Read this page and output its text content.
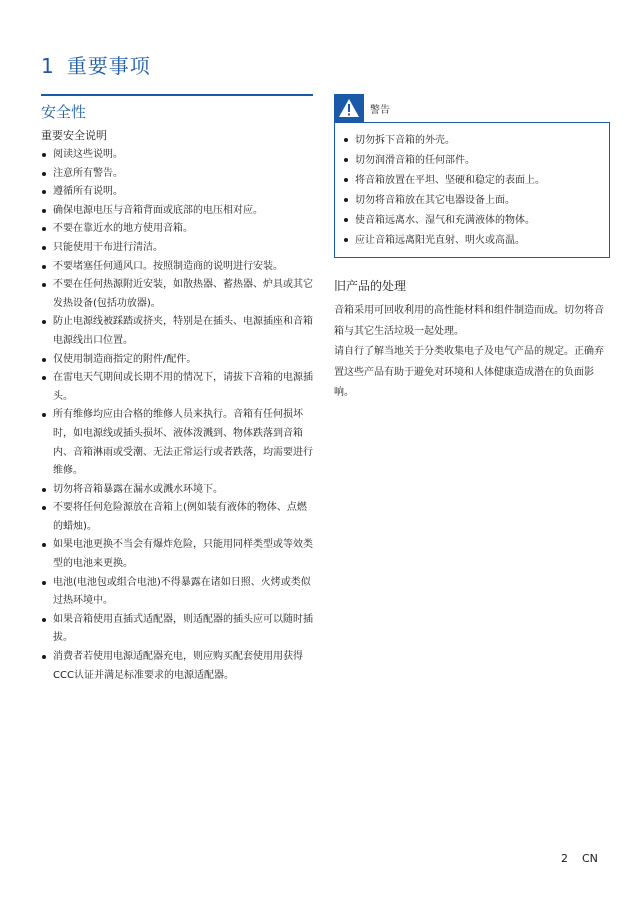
1 重要事项
安全性
重要安全说明
阅读这些说明。
注意所有警告。
遵循所有说明。
确保电源电压与音箱背面或底部的电压相对应。
不要在靠近水的地方使用音箱。
只能使用干布进行清洁。
不要堵塞任何通风口。按照制造商的说明进行安装。
不要在任何热源附近安装，如散热器、蓄热器、炉具或其它发热设备(包括功放器)。
防止电源线被踩踏或挤夹，特别是在插头、电源插座和音箱电源线出口位置。
仅使用制造商指定的附件/配件。
在雷电天气期间或长期不用的情况下，请拔下音箱的电源插头。
所有维修均应由合格的维修人员来执行。音箱有任何损坏时，如电源线或插头损坏、液体泼溅到、物体跌落到音箱内、音箱淋雨或受潮、无法正常运行或者跌落，均需要进行维修。
切勿将音箱暴露在漏水或溅水环境下。
不要将任何危险源放在音箱上(例如装有液体的物体、点燃的蜡烛)。
如果电池更换不当会有爆炸危险，只能用同样类型或等效类型的电池来更换。
电池(电池包或组合电池)不得暴露在诸如日照、火烤或类似过热环境中。
如果音箱使用直插式适配器，则适配器的插头应可以随时插拔。
消费者若使用电源适配器充电，则应购买配套使用用获得CCC认证并满足标准要求的电源适配器。
警告
切勿拆下音箱的外壳。
切勿润滑音箱的任何部件。
将音箱放置在平坦、坚硬和稳定的表面上。
切勿将音箱放在其它电器设备上面。
使音箱远离水、湿气和充满液体的物体。
应让音箱远离阳光直射、明火或高温。
旧产品的处理

音箱采用可回收利用的高性能材料和组件制造而成。切勿将音箱与其它生活垃圾一起处理。

请自行了解当地关于分类收集电子及电气产品的规定。正确弃置这些产品有助于避免对环境和人体健康造成潜在的负面影响。

2 CN
